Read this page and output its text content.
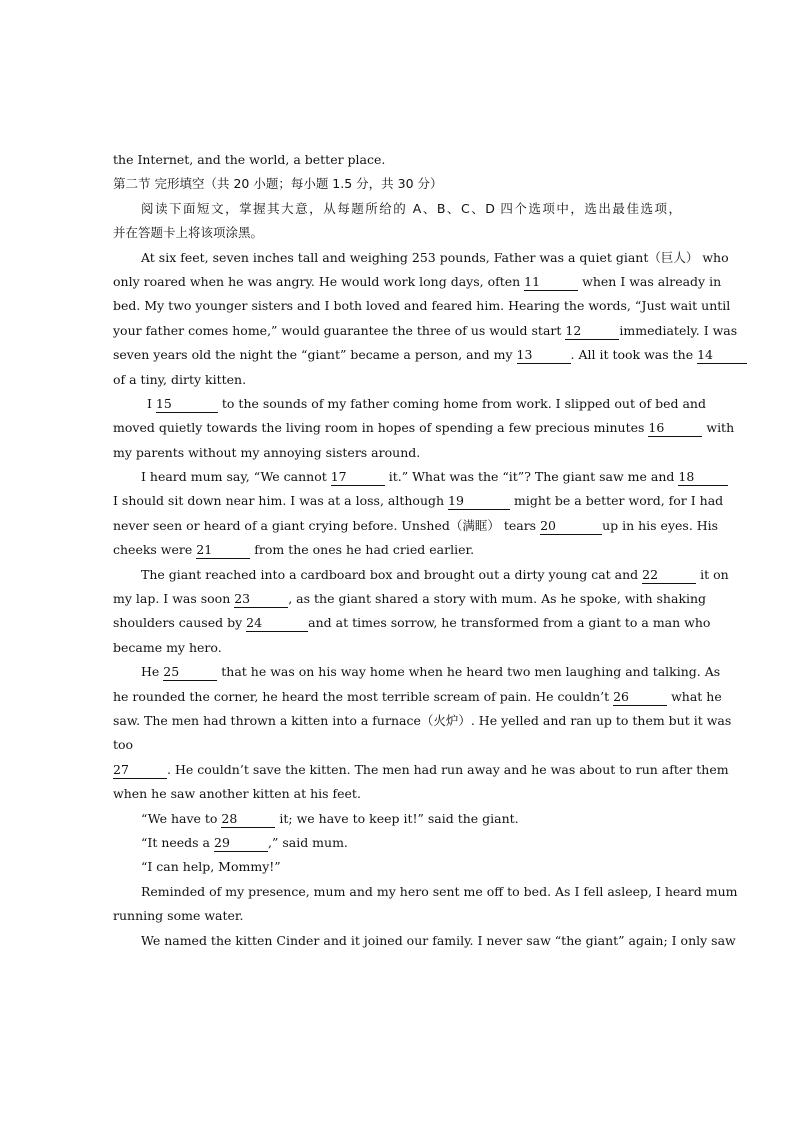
the Internet, and the world, a better place.
第二节 完形填空（共 20 小题；每小题 1.5 分，共 30 分）
阅读下面短文，掌握其大意，从每题所给的 A、B、C、D 四个选项中，选出最佳选项，
并在答题卡上将该项涂黑。
At six feet, seven inches tall and weighing 253 pounds, Father was a quiet giant（巨人） who
only roared when he was angry. He would work long days, often 11	when I was already in
bed. My two younger sisters and I both loved and feared him. Hearing the words, “Just wait until
your father comes home,” would guarantee the three of us would start 12	immediately. I was
seven years old the night the “giant” became a person, and my 13	. All it took was the 14
of a tiny, dirty kitten.
I 15	to the sounds of my father coming home from work. I slipped out of bed and
moved quietly towards the living room in hopes of spending a few precious minutes 16	with
my parents without my annoying sisters around.
I heard mum say, “We cannot 17	it.” What was the “it”? The giant saw me and 18
I should sit down near him. I was at a loss, although 19	might be a better word, for I had
never seen or heard of a giant crying before. Unshed（满眶） tears 20	up in his eyes. His
cheeks were 21	from the ones he had cried earlier.
The giant reached into a cardboard box and brought out a dirty young cat and 22	it on
my lap. I was soon 23	, as the giant shared a story with mum. As he spoke, with shaking
shoulders caused by 24	and at times sorrow, he transformed from a giant to a man who
became my hero.
He 25	that he was on his way home when he heard two men laughing and talking. As
he rounded the corner, he heard the most terrible scream of pain. He couldn’t 26	what he
saw. The men had thrown a kitten into a furnace（火炉）. He yelled and ran up to them but it was
too
27	. He couldn’t save the kitten. The men had run away and he was about to run after them
when he saw another kitten at his feet.
“We have to 28	it; we have to keep it!” said the giant.
“It needs a 29	,” said mum.
“I can help, Mommy!”
Reminded of my presence, mum and my hero sent me off to bed. As I fell asleep, I heard mum
running some water.
We named the kitten Cinder and it joined our family. I never saw “the giant” again; I only saw
